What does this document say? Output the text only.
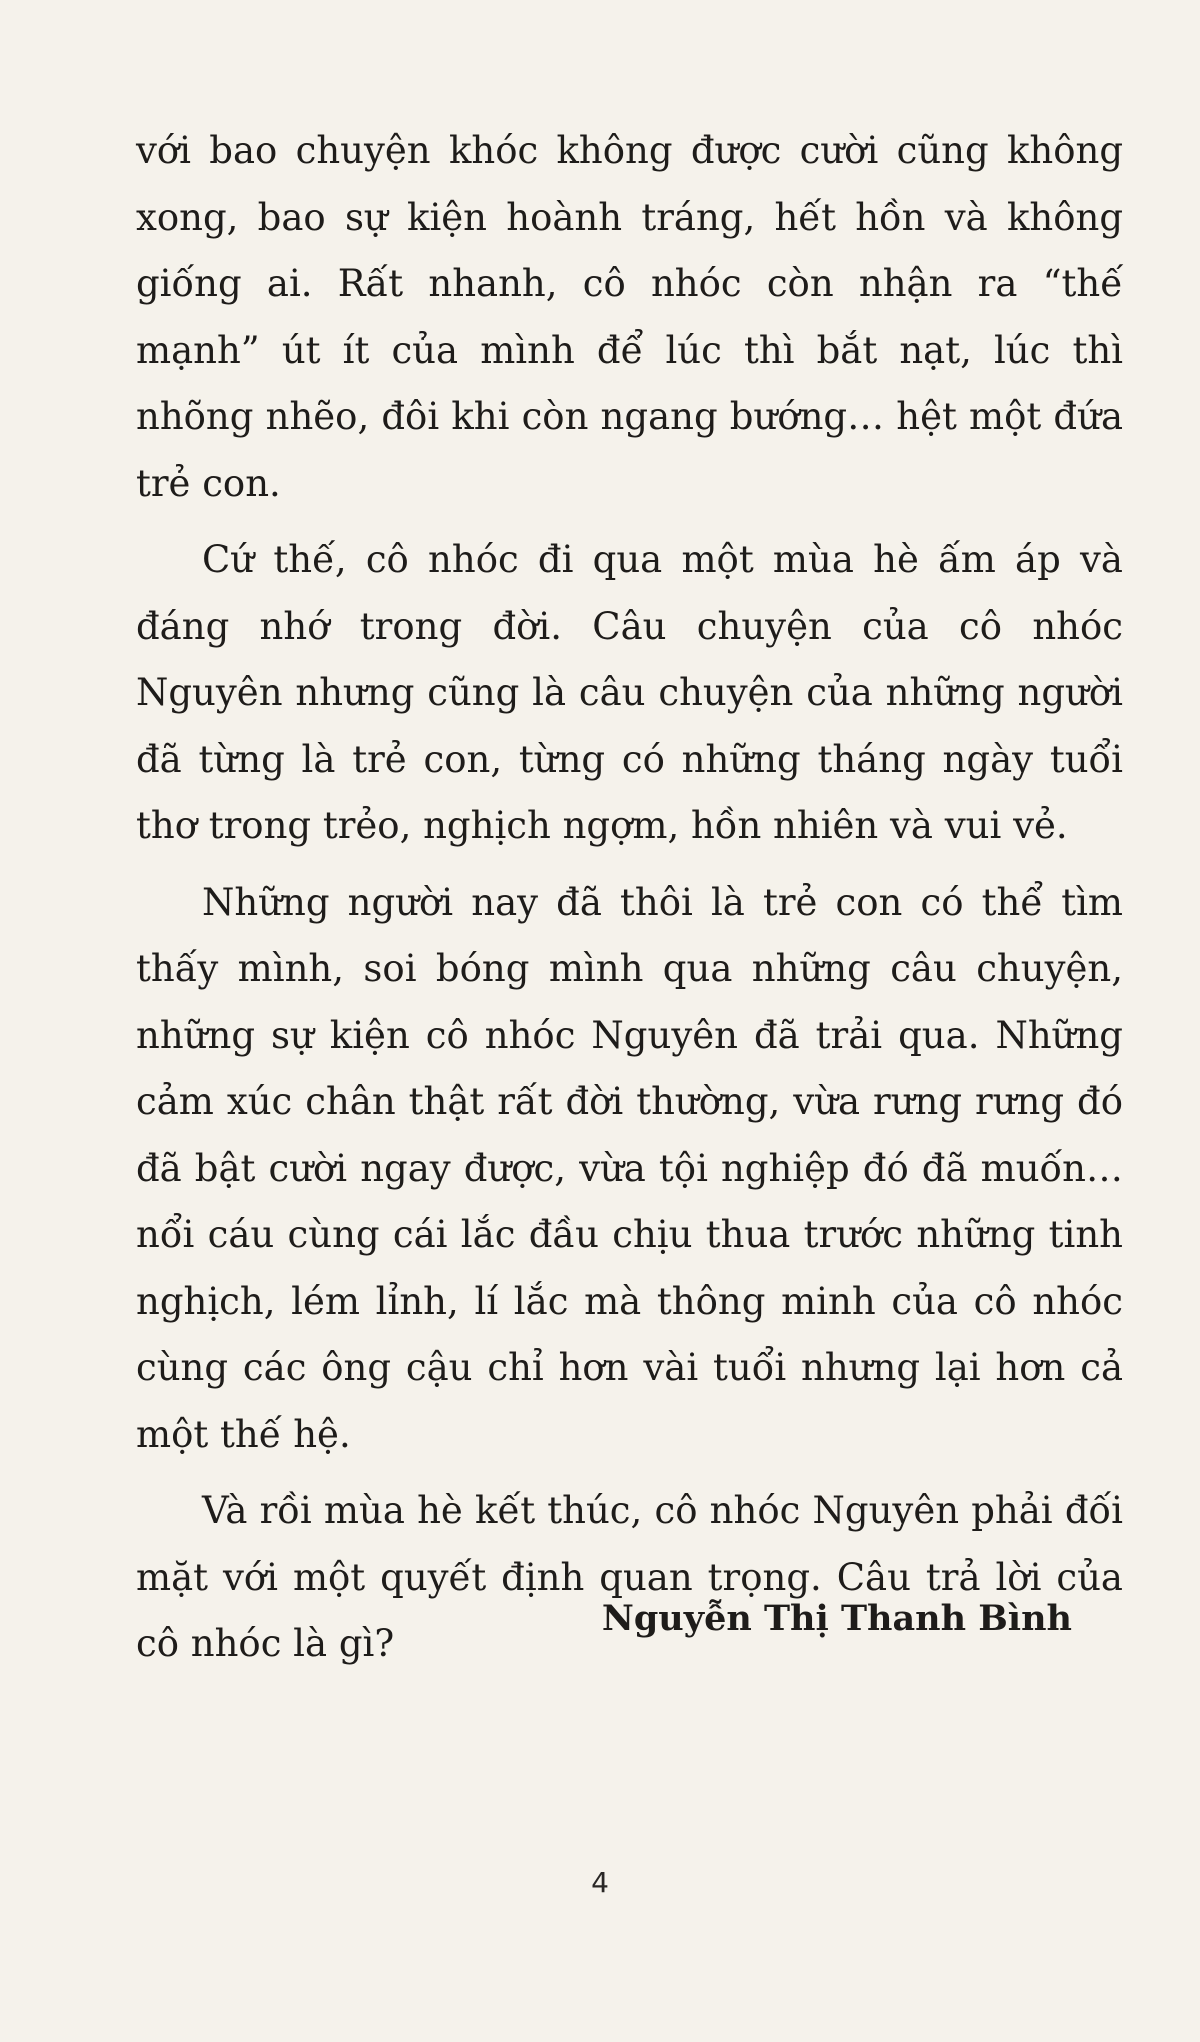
với bao chuyện khóc không được cười cũng không xong, bao sự kiện hoành tráng, hết hồn và không giống ai. Rất nhanh, cô nhóc còn nhận ra “thế mạnh” út ít của mình để lúc thì bắt nạt, lúc thì nhõng nhẽo, đôi khi còn ngang bướng… hệt một đứa trẻ con.

Cứ thế, cô nhóc đi qua một mùa hè ấm áp và đáng nhớ trong đời. Câu chuyện của cô nhóc Nguyên nhưng cũng là câu chuyện của những người đã từng là trẻ con, từng có những tháng ngày tuổi thơ trong trẻo, nghịch ngợm, hồn nhiên và vui vẻ.

Những người nay đã thôi là trẻ con có thể tìm thấy mình, soi bóng mình qua những câu chuyện, những sự kiện cô nhóc Nguyên đã trải qua. Những cảm xúc chân thật rất đời thường, vừa rưng rưng đó đã bật cười ngay được, vừa tội nghiệp đó đã muốn… nổi cáu cùng cái lắc đầu chịu thua trước những tinh nghịch, lém lỉnh, lí lắc mà thông minh của cô nhóc cùng các ông cậu chỉ hơn vài tuổi nhưng lại hơn cả một thế hệ.

Và rồi mùa hè kết thúc, cô nhóc Nguyên phải đối mặt với một quyết định quan trọng. Câu trả lời của cô nhóc là gì?

Nguyễn Thị Thanh Bình
4
